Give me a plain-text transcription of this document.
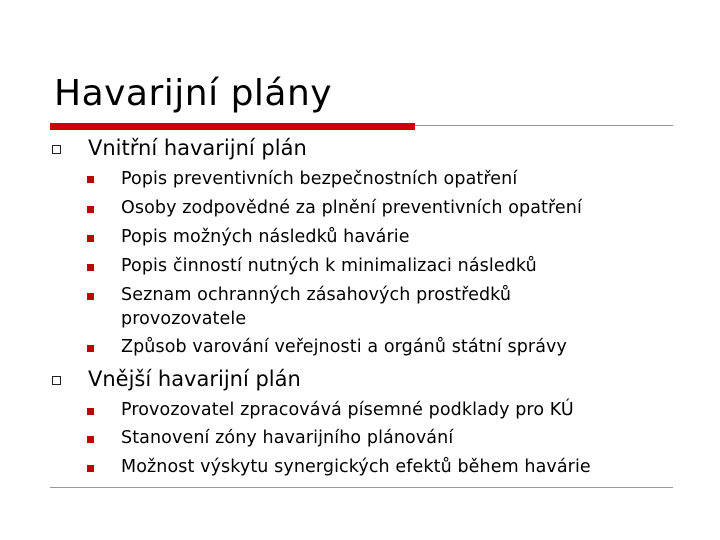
Havarijní plány
Vnitřní havarijní plán
Popis preventivních bezpečnostních opatření
Osoby zodpovědné za plnění preventivních opatření
Popis možných následků havárie
Popis činností nutných k minimalizaci následků
Seznam ochranných zásahových prostředků
provozovatele
Způsob varování veřejnosti a orgánů státní správy
Vnější havarijní plán
Provozovatel zpracovává písemné podklady pro KÚ
Stanovení zóny havarijního plánování
Možnost výskytu synergických efektů během havárie
